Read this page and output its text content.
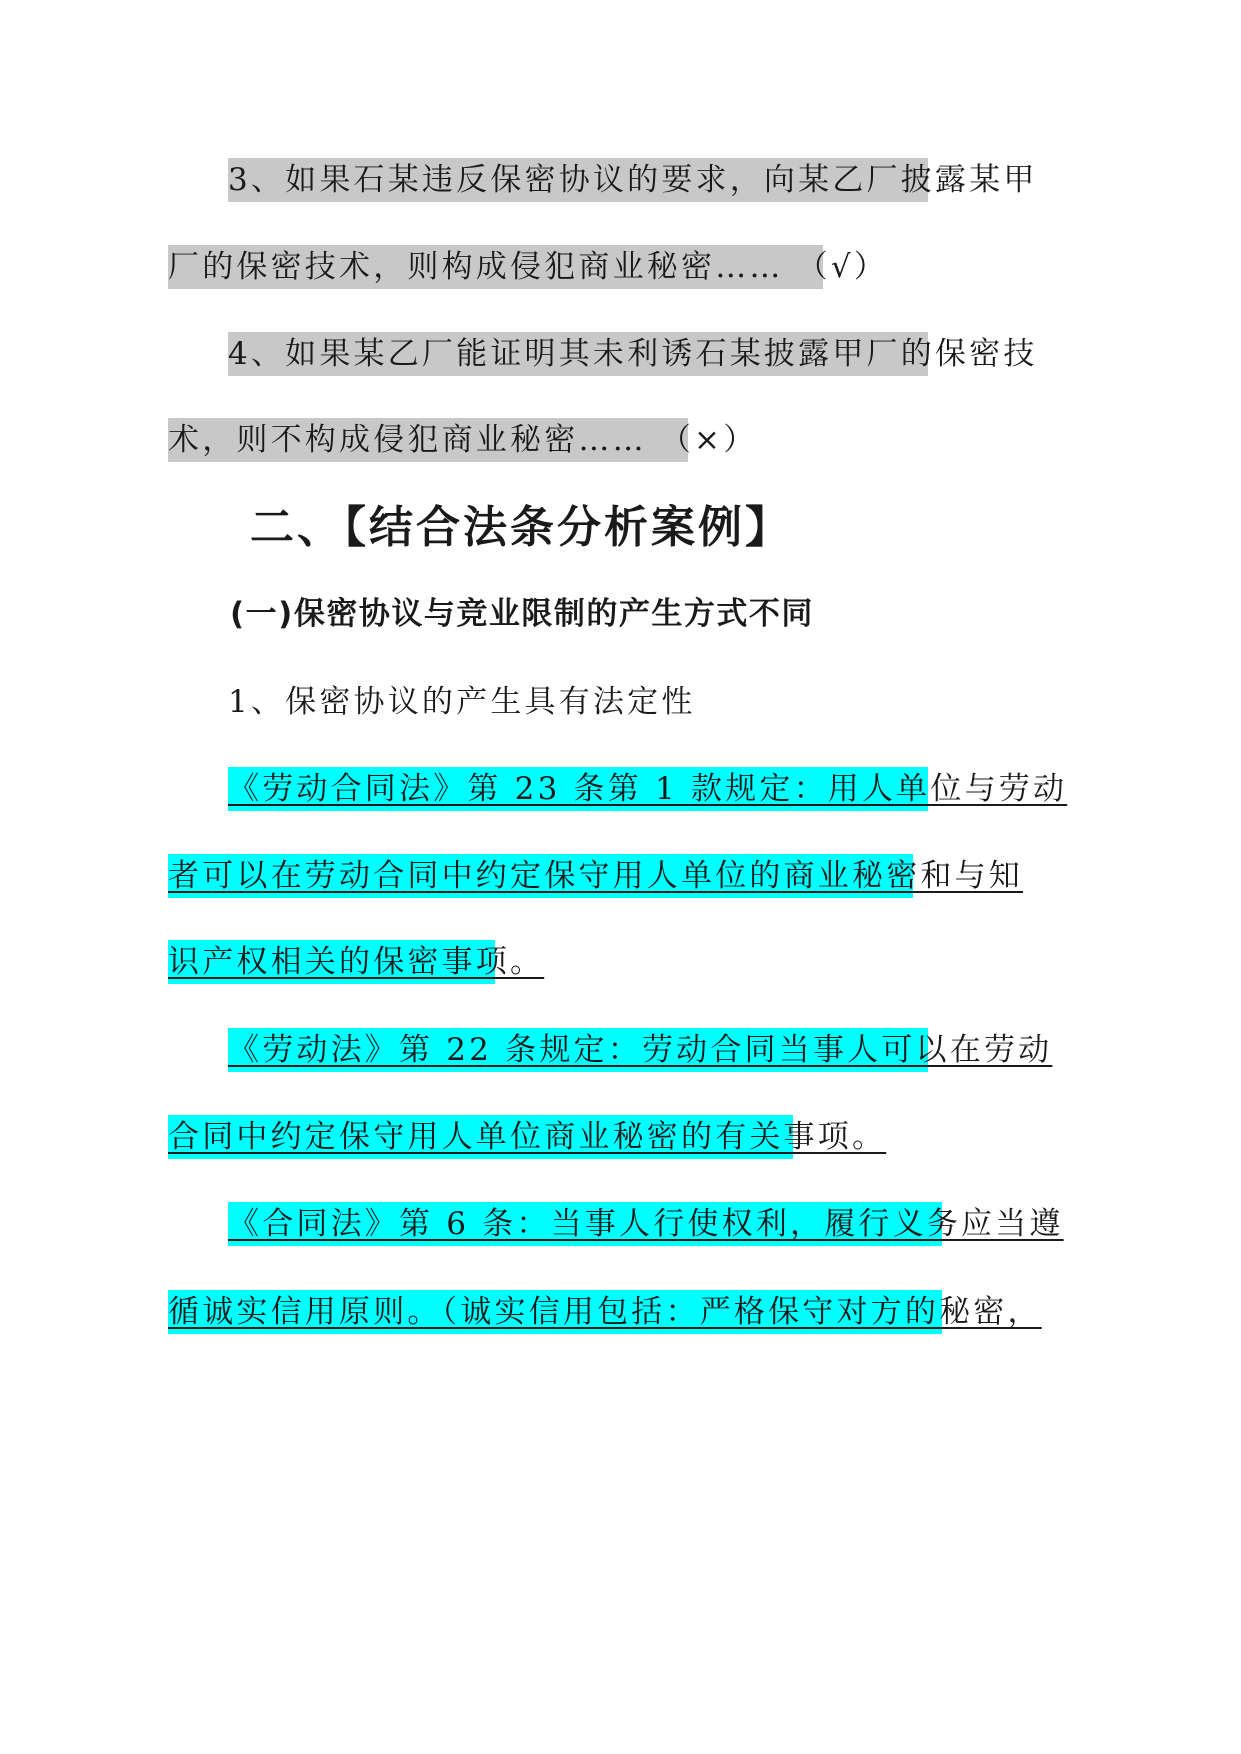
3、如果石某违反保密协议的要求，向某乙厂披露某甲
厂的保密技术，则构成侵犯商业秘密…… （√）
4、如果某乙厂能证明其未利诱石某披露甲厂的保密技
术，则不构成侵犯商业秘密…… （×）
二、【结合法条分析案例】
(一)保密协议与竞业限制的产生方式不同
1、保密协议的产生具有法定性
《劳动合同法》第 23 条第 1 款规定：用人单位与劳动
者可以在劳动合同中约定保守用人单位的商业秘密和与知
识产权相关的保密事项。
《劳动法》第 22 条规定：劳动合同当事人可以在劳动
合同中约定保守用人单位商业秘密的有关事项。
《合同法》第 6 条：当事人行使权利，履行义务应当遵
循诚实信用原则。（诚实信用包括：严格保守对方的秘密，
